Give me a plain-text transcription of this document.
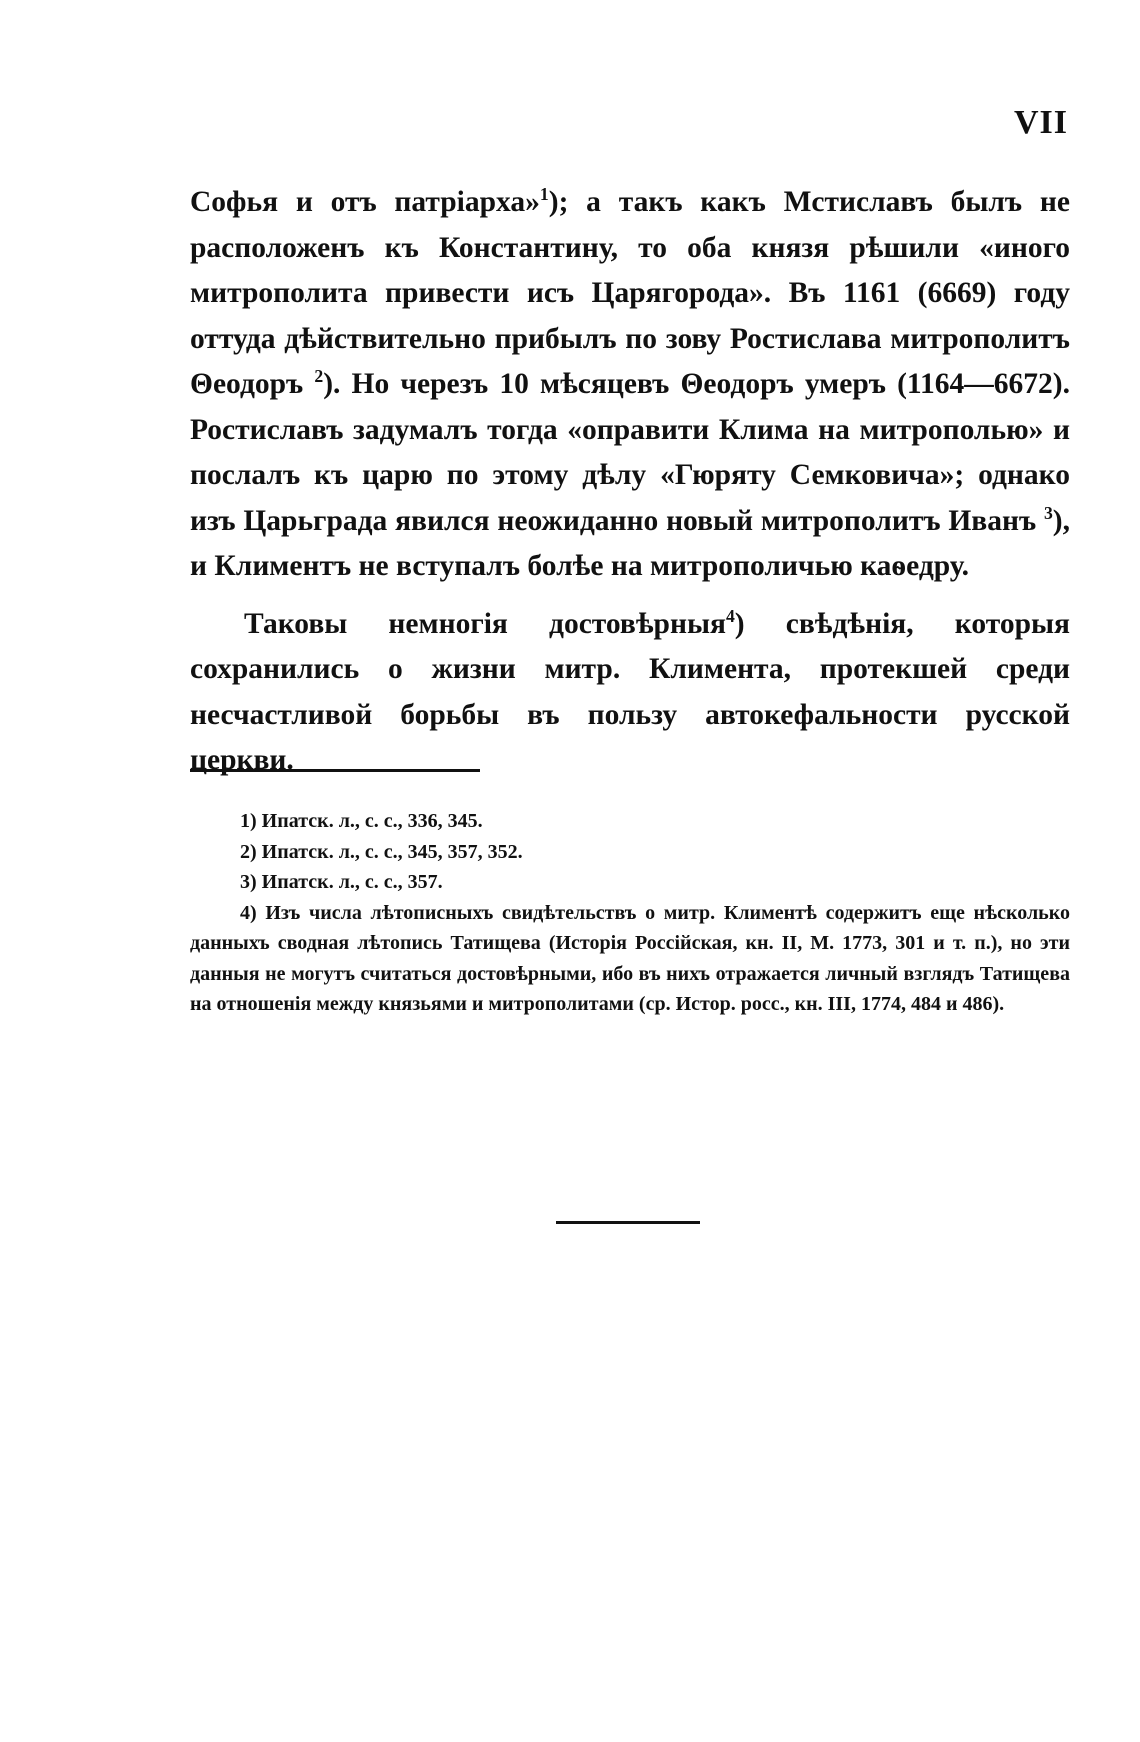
VII

Софья и отъ патріарха»$^1$); а такъ какъ Мстиславъ былъ не расположенъ къ Константину, то оба князя рѣшили «иного митрополита привести исъ Царягорода». Въ 1161 (6669) году оттуда дѣйствительно прибылъ по зову Ростислава митрополитъ Θеодоръ $^2$). Но черезъ 10 мѣсяцевъ Θеодоръ умеръ (1164—6672). Ростиславъ задумалъ тогда «оправити Клима на митрополью» и послалъ къ царю по этому дѣлу «Гюряту Семковича»; однако изъ Царьграда явился неожиданно новый митрополитъ Иванъ $^3$), и Климентъ не вступалъ болѣе на митрополичью каѳедру.

Таковы немногія достовѣрныя$^4$) свѣдѣнія, которыя сохранились о жизни митр. Климента, протекшей среди несчастливой борьбы въ пользу автокефальности русской церкви.

1) Ипатск. л., с. с., 336, 345.

2) Ипатск. л., с. с., 345, 357, 352.

3) Ипатск. л., с. с., 357.

4) Изъ числа лѣтописныхъ свидѣтельствъ о митр. Климентѣ содержитъ еще нѣсколько данныхъ сводная лѣтопись Татищева (Исторія Россійская, кн. II, М. 1773, 301 и т. п.), но эти данныя не могутъ считаться достовѣрными, ибо въ нихъ отражается личный взглядъ Татищева на отношенія между князьями и митрополитами (ср. Истор. росс., кн. III, 1774, 484 и 486).
